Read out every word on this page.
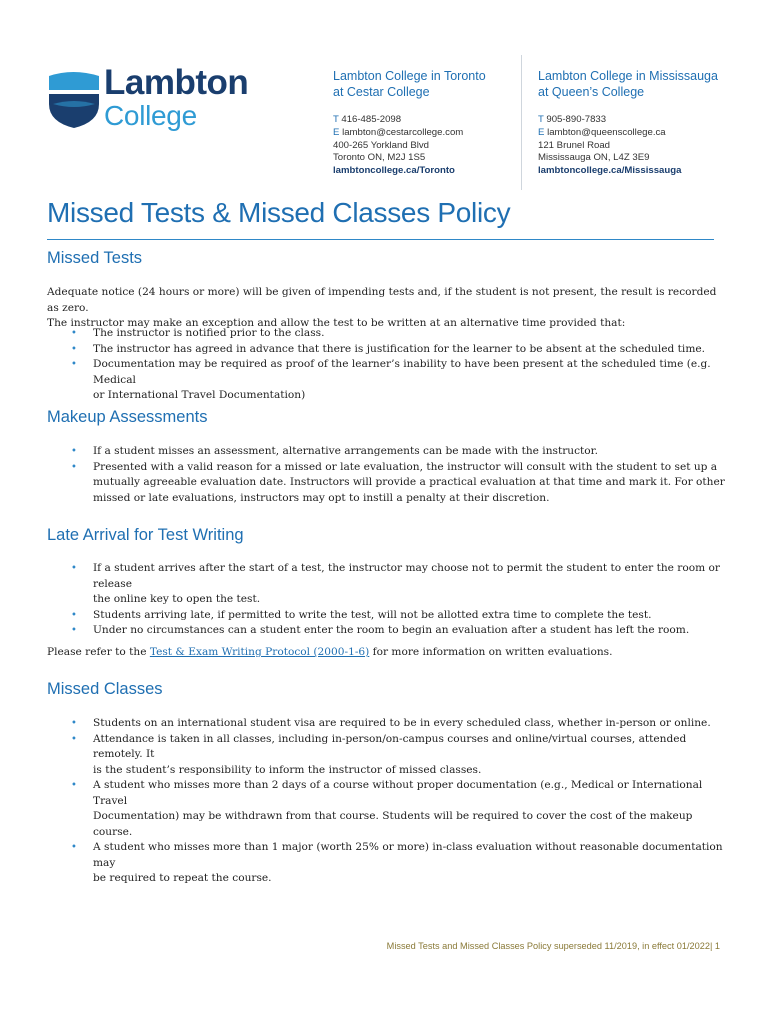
Lambton
College
Lambton College in Toronto
at Cestar College
T 416-485-2098
E lambton@cestarcollege.com
400-265 Yorkland Blvd
Toronto ON, M2J 1S5
lambtoncollege.ca/Toronto
Lambton College in Mississauga
at Queen’s College
T 905-890-7833
E lambton@queenscollege.ca
121 Brunel Road
Mississauga ON, L4Z 3E9
lambtoncollege.ca/Mississauga
Missed Tests & Missed Classes Policy
Missed Tests
Adequate notice (24 hours or more) will be given of impending tests and, if the student is not present, the result is recorded as zero.
The instructor may make an exception and allow the test to be written at an alternative time provided that:
• The instructor is notified prior to the class.
• The instructor has agreed in advance that there is justification for the learner to be absent at the scheduled time.
• Documentation may be required as proof of the learner’s inability to have been present at the scheduled time (e.g. Medical
or International Travel Documentation)
Makeup Assessments
• If a student misses an assessment, alternative arrangements can be made with the instructor.
• Presented with a valid reason for a missed or late evaluation, the instructor will consult with the student to set up a
mutually agreeable evaluation date. Instructors will provide a practical evaluation at that time and mark it. For other
missed or late evaluations, instructors may opt to instill a penalty at their discretion.
Late Arrival for Test Writing
• If a student arrives after the start of a test, the instructor may choose not to permit the student to enter the room or release
the online key to open the test.
• Students arriving late, if permitted to write the test, will not be allotted extra time to complete the test.
• Under no circumstances can a student enter the room to begin an evaluation after a student has left the room.
Please refer to the Test & Exam Writing Protocol (2000-1-6) for more information on written evaluations.
Missed Classes
• Students on an international student visa are required to be in every scheduled class, whether in-person or online.
• Attendance is taken in all classes, including in-person/on-campus courses and online/virtual courses, attended remotely. It
is the student’s responsibility to inform the instructor of missed classes.
• A student who misses more than 2 days of a course without proper documentation (e.g., Medical or International Travel
Documentation) may be withdrawn from that course. Students will be required to cover the cost of the makeup course.
• A student who misses more than 1 major (worth 25% or more) in-class evaluation without reasonable documentation may
be required to repeat the course.
Missed Tests and Missed Classes Policy superseded 11/2019, in effect 01/2022| 1
